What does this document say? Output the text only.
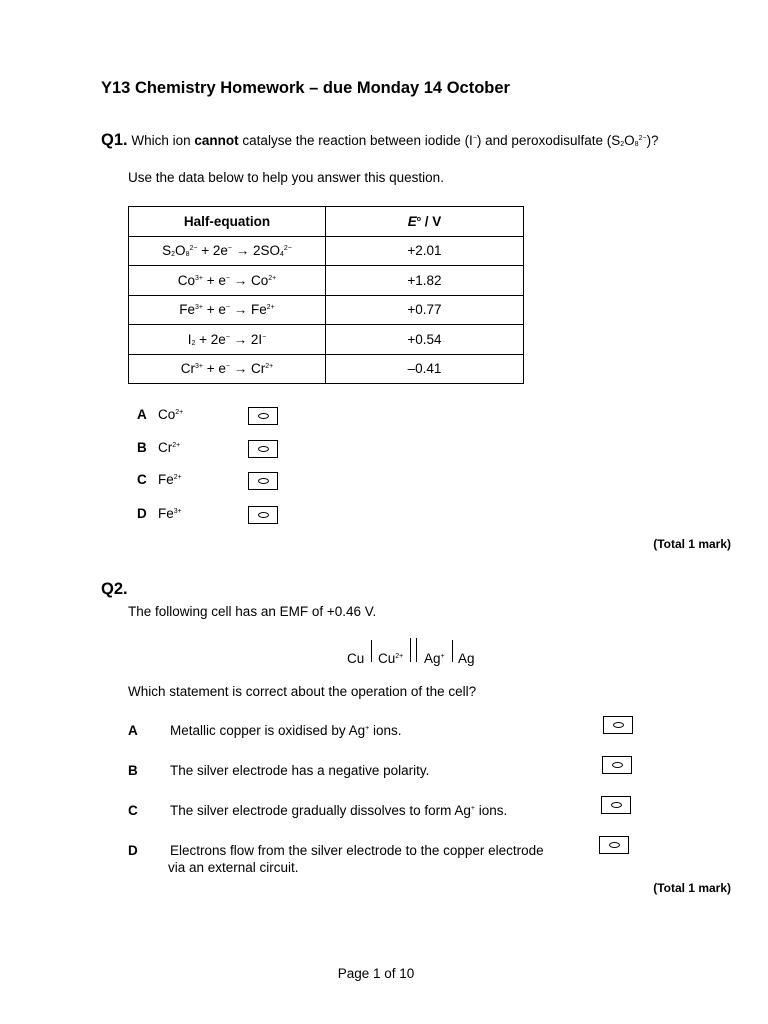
Y13 Chemistry Homework – due Monday 14 October
Q1. Which ion cannot catalyse the reaction between iodide (I−) and peroxodisulfate $(S_2O_8^{2-})$?
Use the data below to help you answer this question.
Half-equation	$E^o$ / V
$S_2O_8^{2-} + 2e^- \to 2SO_4^{2-}$	+2.01
$Co^{3+} + e^- \to Co^{2+}$	+1.82
$Fe^{3+} + e^- \to Fe^{2+}$	+0.77
$I_2 + 2e^- \to 2I^-$	+0.54
$Cr^{3+} + e^- \to Cr^{2+}$	–0.41
A $Co^{2+}$
B $Cr^{2+}$
C $Fe^{2+}$
D $Fe^{3+}$
(Total 1 mark)
Q2.
The following cell has an EMF of +0.46 V.
Cu $Cu^{2+}$ Ag+ Ag
Which statement is correct about the operation of the cell?
A Metallic copper is oxidised by Ag+ ions.
B The silver electrode has a negative polarity.
C The silver electrode gradually dissolves to form Ag+ ions.
D Electrons flow from the silver electrode to the copper electrode
via an external circuit.
(Total 1 mark)
Page 1 of 10
